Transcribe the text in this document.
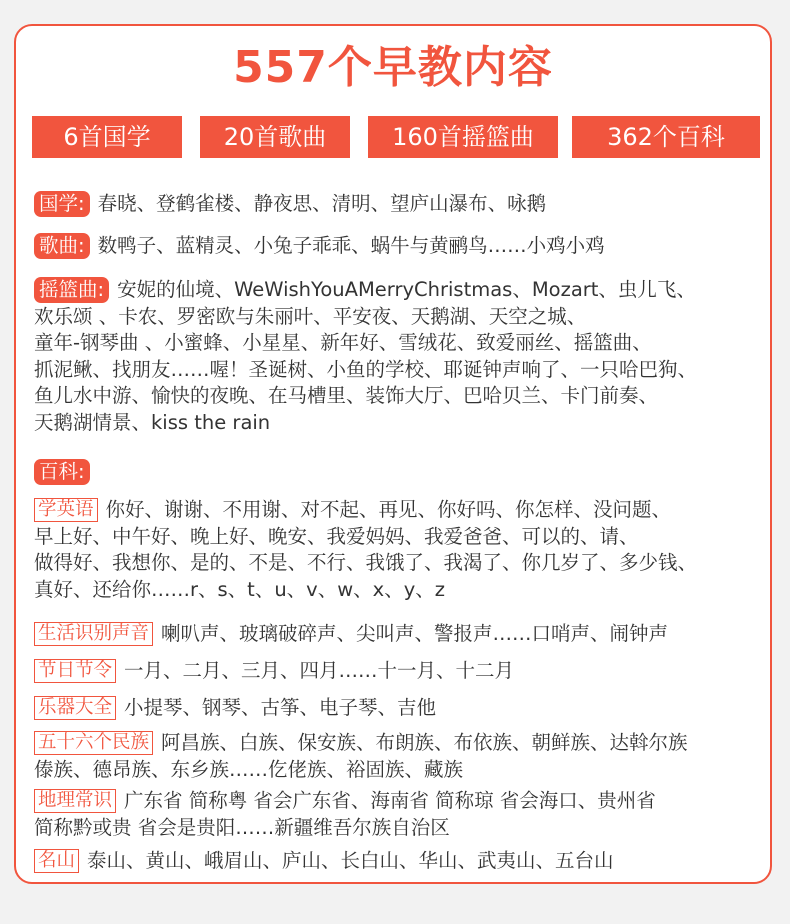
557个早教内容
6首国学	20首歌曲	160首摇篮曲	362个百科
国学: 春晓、登鹤雀楼、静夜思、清明、望庐山瀑布、咏鹅
歌曲: 数鸭子、蓝精灵、小兔子乖乖、蜗牛与黄鹂鸟……小鸡小鸡
摇篮曲: 安妮的仙境、WeWishYouAMerryChristmas、Mozart、虫儿飞、
欢乐颂 、卡农、罗密欧与朱丽叶、平安夜、天鹅湖、天空之城、
童年-钢琴曲 、小蜜蜂、小星星、新年好、雪绒花、致爱丽丝、摇篮曲、
抓泥鳅、找朋友……喔！圣诞树、小鱼的学校、耶诞钟声响了、一只哈巴狗、
鱼儿水中游、愉快的夜晚、在马槽里、装饰大厅、巴哈贝兰、卡门前奏、
天鹅湖情景、kiss the rain
百科:
学英语 你好、谢谢、不用谢、对不起、再见、你好吗、你怎样、没问题、
早上好、中午好、晚上好、晚安、我爱妈妈、我爱爸爸、可以的、请、
做得好、我想你、是的、不是、不行、我饿了、我渴了、你几岁了、多少钱、
真好、还给你……r、s、t、u、v、w、x、y、z
生活识别声音 喇叭声、玻璃破碎声、尖叫声、警报声……口哨声、闹钟声
节日节令 一月、二月、三月、四月……十一月、十二月
乐器大全 小提琴、钢琴、古筝、电子琴、吉他
五十六个民族 阿昌族、白族、保安族、布朗族、布依族、朝鲜族、达斡尔族
傣族、德昂族、东乡族……仡佬族、裕固族、藏族
地理常识 广东省 简称粤 省会广东省、海南省 简称琼 省会海口、贵州省
简称黔或贵 省会是贵阳……新疆维吾尔族自治区
名山 泰山、黄山、峨眉山、庐山、长白山、华山、武夷山、五台山
